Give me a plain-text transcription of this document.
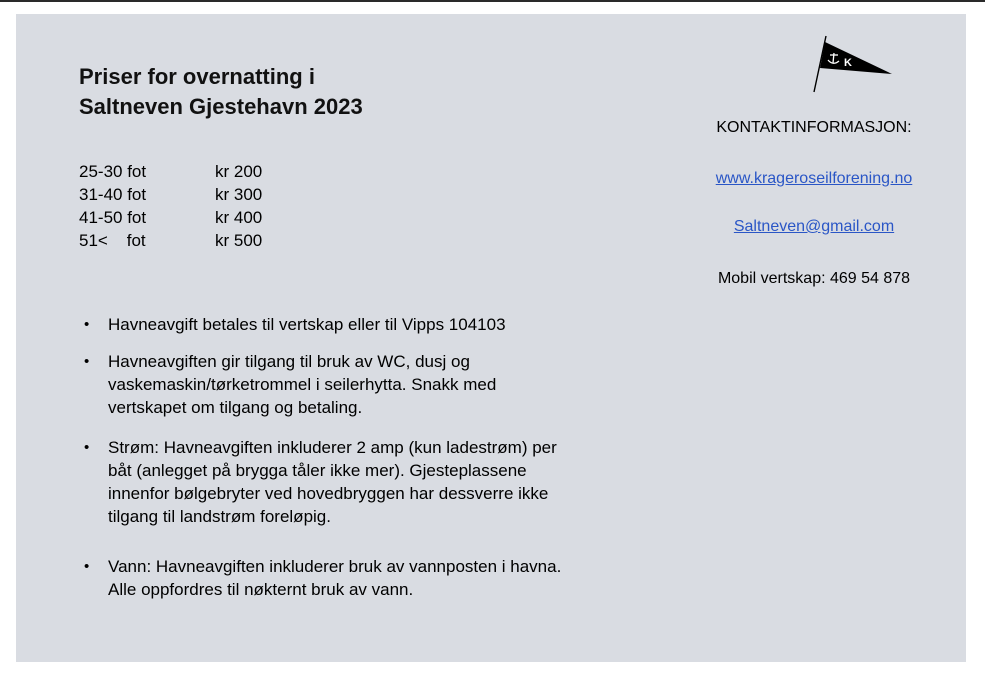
Priser for overnatting i
Saltneven Gjestehavn 2023
25-30 fot	kr 200
31-40 fot	kr 300
41-50 fot	kr 400
51<    fot	kr 500
• Havneavgift betales til vertskap eller til Vipps 104103
• Havneavgiften gir tilgang til bruk av WC, dusj og
vaskemaskin/tørketrommel i seilerhytta. Snakk med
vertskapet om tilgang og betaling.
• Strøm: Havneavgiften inkluderer 2 amp (kun ladestrøm) per
båt (anlegget på brygga tåler ikke mer). Gjesteplassene
innenfor bølgebryter ved hovedbryggen har dessverre ikke
tilgang til landstrøm foreløpig.
• Vann: Havneavgiften inkluderer bruk av vannposten i havna.
Alle oppfordres til nøkternt bruk av vann.
K
KONTAKTINFORMASJON:
www.krageroseilforening.no
Saltneven@gmail.com
Mobil vertskap: 469 54 878
